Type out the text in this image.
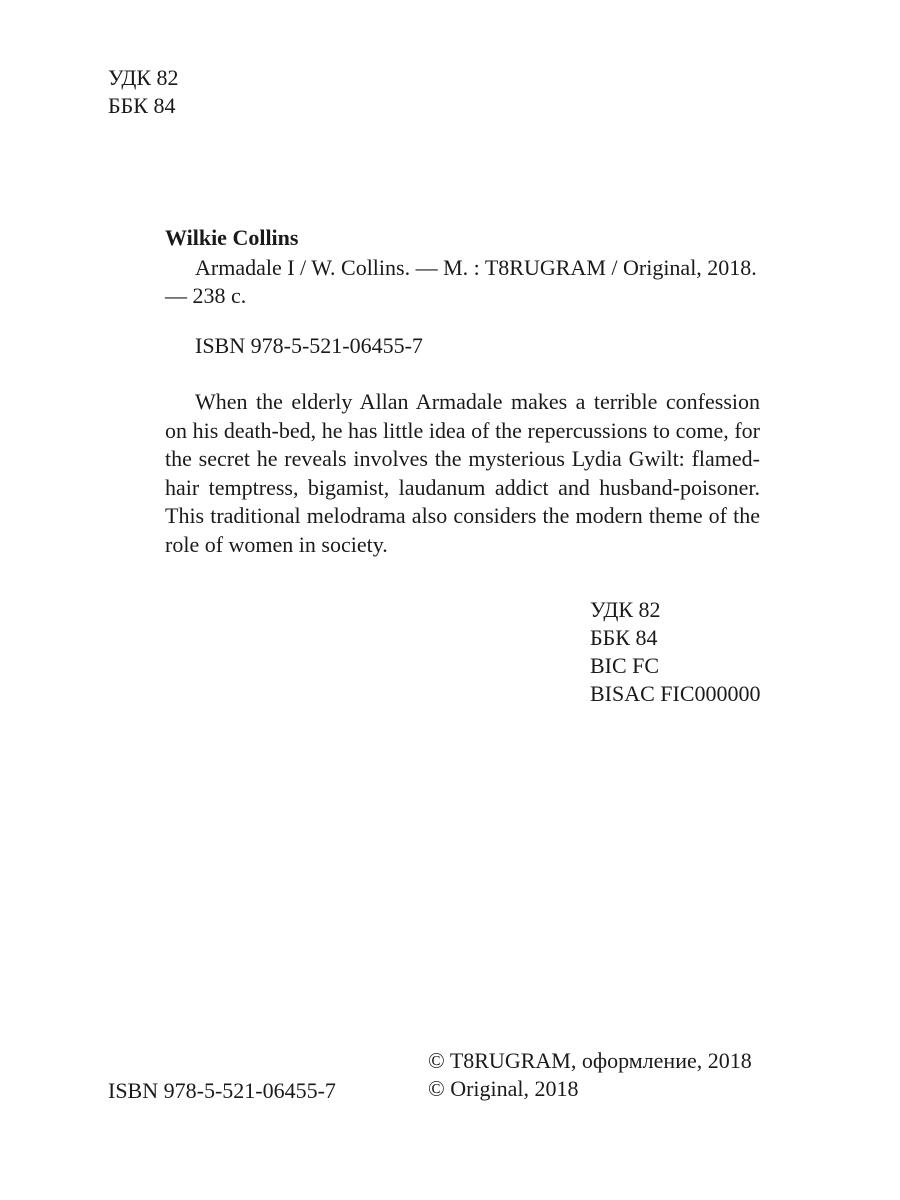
УДК 82
ББК 84
Wilkie Collins

Armadale I / W. Collins. — M. : T8RUGRAM / Original, 2018. — 238 с.

ISBN 978-5-521-06455-7

When the elderly Allan Armadale makes a terrible confession on his death-bed, he has little idea of the repercussions to come, for the secret he reveals involves the mysterious Lydia Gwilt: flamed-hair temptress, bigamist, laudanum addict and husband-poisoner. This traditional melodrama also considers the modern theme of the role of women in society.

УДК 82
ББК 84
BIC FC
BISAC FIC000000
ISBN 978-5-521-06455-7
© T8RUGRAM, оформление, 2018
© Original, 2018
